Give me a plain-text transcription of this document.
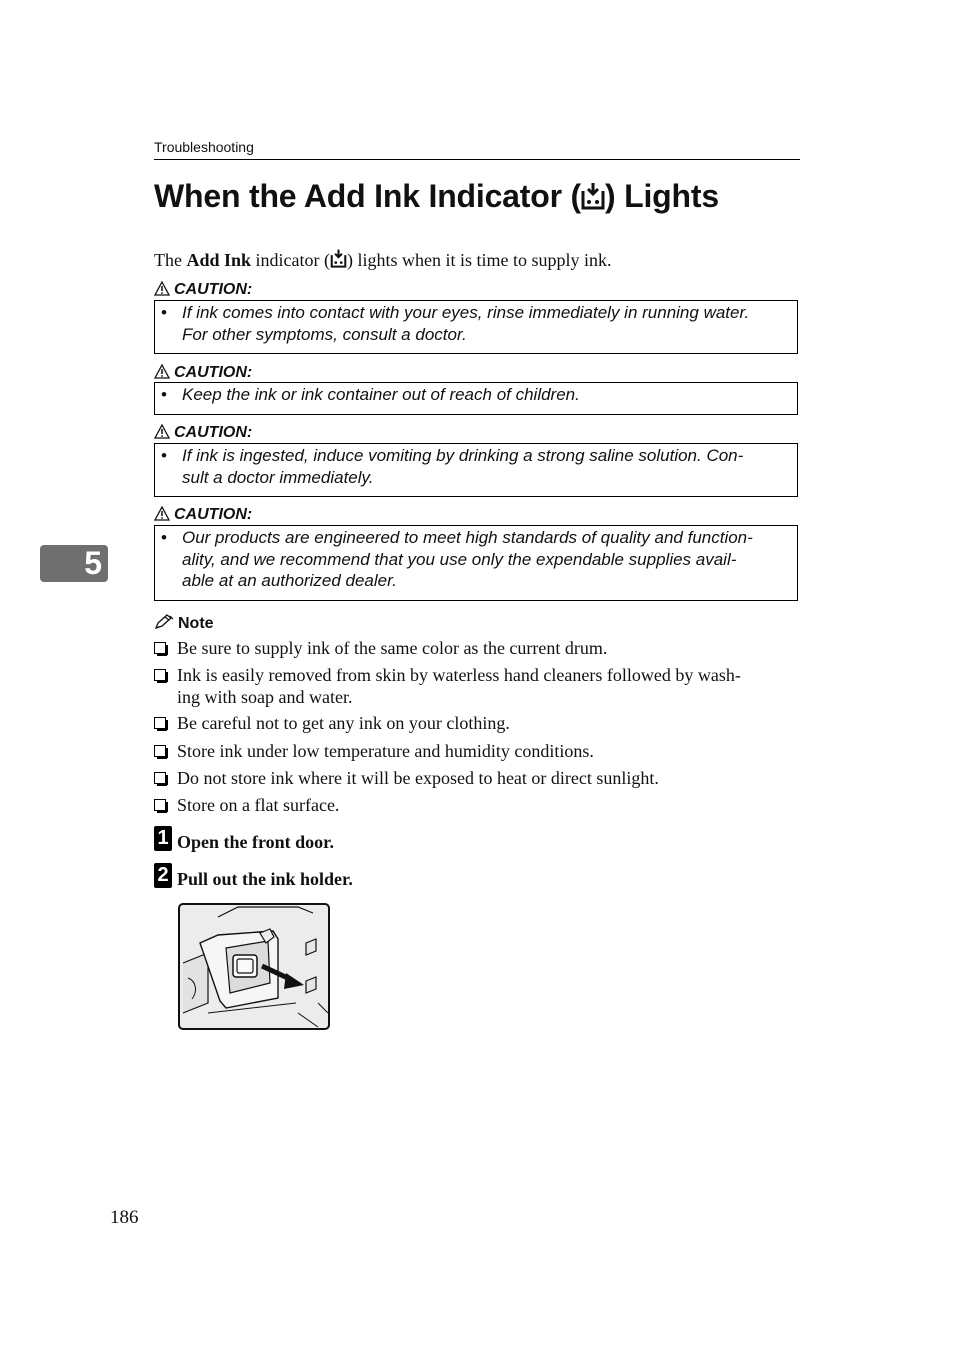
Troubleshooting
When the Add Ink Indicator ( ) Lights
The Add Ink indicator ( ) lights when it is time to supply ink.
CAUTION:
• If ink comes into contact with your eyes, rinse immediately in running water.
For other symptoms, consult a doctor.
CAUTION:
• Keep the ink or ink container out of reach of children.
CAUTION:
• If ink is ingested, induce vomiting by drinking a strong saline solution. Con-
sult a doctor immediately.
CAUTION:
• Our products are engineered to meet high standards of quality and function-
ality, and we recommend that you use only the expendable supplies avail-
able at an authorized dealer.
5
Note
Be sure to supply ink of the same color as the current drum.
Ink is easily removed from skin by waterless hand cleaners followed by wash-
ing with soap and water.
Be careful not to get any ink on your clothing.
Store ink under low temperature and humidity conditions.
Do not store ink where it will be exposed to heat or direct sunlight.
Store on a flat surface.
1 Open the front door.
2 Pull out the ink holder.
186
